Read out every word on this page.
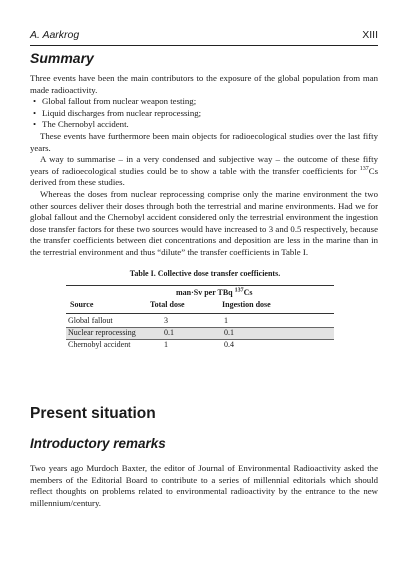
A. Aarkrog	XIII
Summary

Three events have been the main contributors to the exposure of the global population from man made radioactivity.

• Global fallout from nuclear weapon testing;
• Liquid discharges from nuclear reprocessing;
• The Chernobyl accident.

These events have furthermore been main objects for radioecological studies over the last fifty years.

A way to summarise – in a very condensed and subjective way – the outcome of these fifty years of radioecological studies could be to show a table with the transfer coefficients for $^{137}$Cs derived from these studies.

Whereas the doses from nuclear reprocessing comprise only the marine environment the two other sources deliver their doses through both the terrestrial and marine environments. Had we for global fallout and the Chernobyl accident considered only the terrestrial environment the ingestion dose transfer factors for these two sources would have increased to 3 and 0.5 respectively, because the transfer coefficients between diet concentrations and deposition are less in the marine than in the terrestrial environment and thus “dilute” the transfer coefficients in Table I.

Table I. Collective dose transfer coefficients.
man·Sv per TBq $^{137}$Cs
Source	Total dose	Ingestion dose
Global fallout	3	1
Nuclear reprocessing	0.1	0.1
Chernobyl accident	1	0.4
Present situation
Introductory remarks

Two years ago Murdoch Baxter, the editor of Journal of Environmental Radioactivity asked the members of the Editorial Board to contribute to a series of millennial editorials which should reflect thoughts on problems related to environmental radioactivity by the entrance to the new millennium/century.
